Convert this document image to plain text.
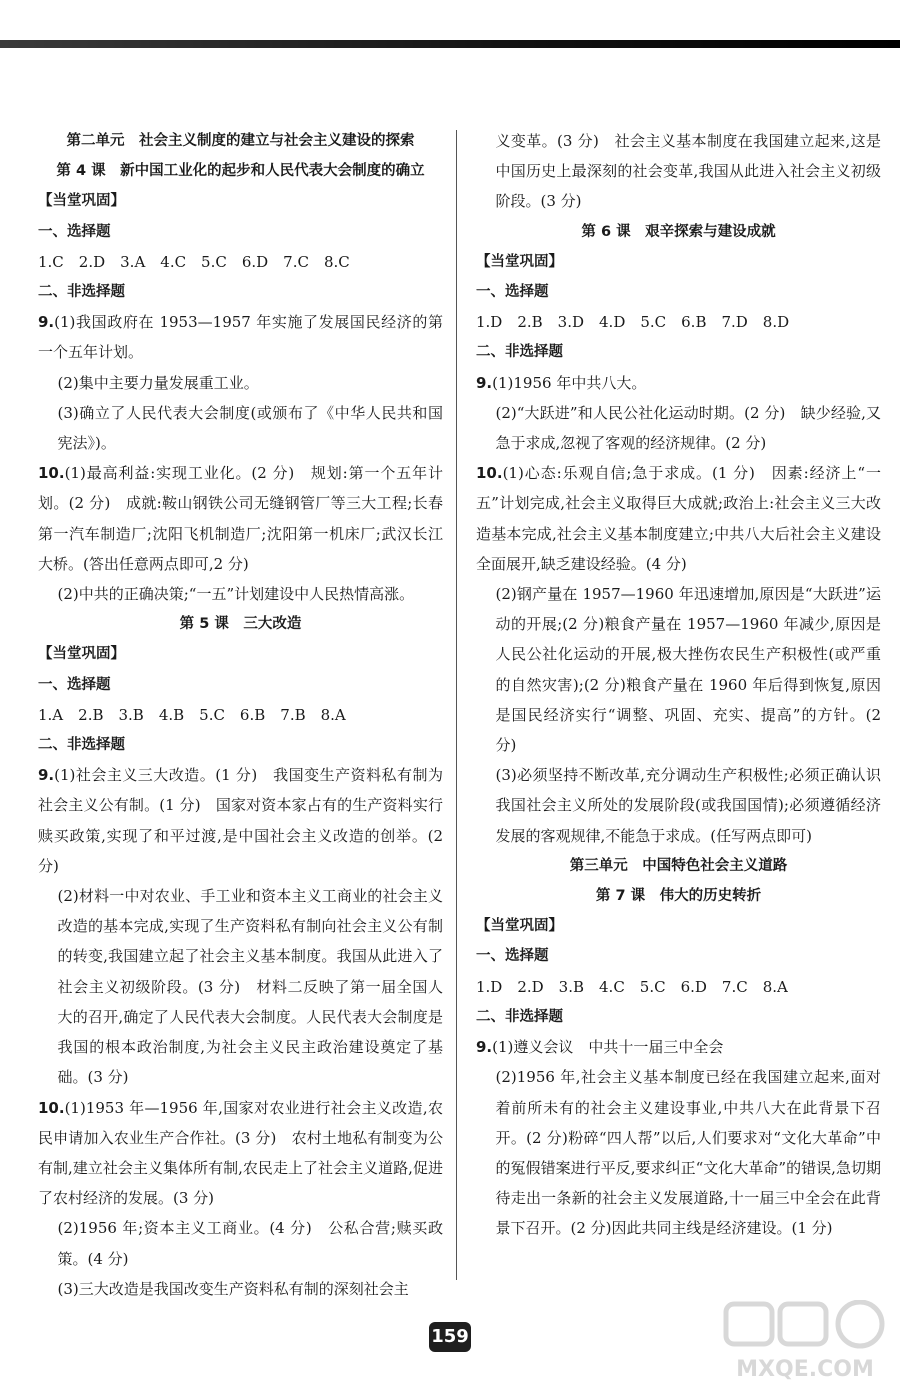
第二单元　社会主义制度的建立与社会主义建设的探索

第 4 课　新中国工业化的起步和人民代表大会制度的确立

【当堂巩固】

一、选择题

1.C　2.D　3.A　4.C　5.C　6.D　7.C　8.C

二、非选择题

9.(1)我国政府在 1953—1957 年实施了发展国民经济的第一个五年计划。

(2)集中主要力量发展重工业。

(3)确立了人民代表大会制度(或颁布了《中华人民共和国宪法》)。

10.(1)最高利益:实现工业化。(2 分)　规划:第一个五年计划。(2 分)　成就:鞍山钢铁公司无缝钢管厂等三大工程;长春第一汽车制造厂;沈阳飞机制造厂;沈阳第一机床厂;武汉长江大桥。(答出任意两点即可,2 分)

(2)中共的正确决策;“一五”计划建设中人民热情高涨。

第 5 课　三大改造

【当堂巩固】

一、选择题

1.A　2.B　3.B　4.B　5.C　6.B　7.B　8.A

二、非选择题

9.(1)社会主义三大改造。(1 分)　我国变生产资料私有制为社会主义公有制。(1 分)　国家对资本家占有的生产资料实行赎买政策,实现了和平过渡,是中国社会主义改造的创举。(2 分)

(2)材料一中对农业、手工业和资本主义工商业的社会主义改造的基本完成,实现了生产资料私有制向社会主义公有制的转变,我国建立起了社会主义基本制度。我国从此进入了社会主义初级阶段。(3 分)　材料二反映了第一届全国人大的召开,确定了人民代表大会制度。人民代表大会制度是我国的根本政治制度,为社会主义民主政治建设奠定了基础。(3 分)

10.(1)1953 年—1956 年,国家对农业进行社会主义改造,农民申请加入农业生产合作社。(3 分)　农村土地私有制变为公有制,建立社会主义集体所有制,农民走上了社会主义道路,促进了农村经济的发展。(3 分)

(2)1956 年;资本主义工商业。(4 分)　公私合营;赎买政策。(4 分)

(3)三大改造是我国改变生产资料私有制的深刻社会主

义变革。(3 分)　社会主义基本制度在我国建立起来,这是中国历史上最深刻的社会变革,我国从此进入社会主义初级阶段。(3 分)

第 6 课　艰辛探索与建设成就

【当堂巩固】

一、选择题

1.D　2.B　3.D　4.D　5.C　6.B　7.D　8.D

二、非选择题

9.(1)1956 年中共八大。

(2)“大跃进”和人民公社化运动时期。(2 分)　缺少经验,又急于求成,忽视了客观的经济规律。(2 分)

10.(1)心态:乐观自信;急于求成。(1 分)　因素:经济上“一五”计划完成,社会主义取得巨大成就;政治上:社会主义三大改造基本完成,社会主义基本制度建立;中共八大后社会主义建设全面展开,缺乏建设经验。(4 分)

(2)钢产量在 1957—1960 年迅速增加,原因是“大跃进”运动的开展;(2 分)粮食产量在 1957—1960 年减少,原因是人民公社化运动的开展,极大挫伤农民生产积极性(或严重的自然灾害);(2 分)粮食产量在 1960 年后得到恢复,原因是国民经济实行“调整、巩固、充实、提高”的方针。(2 分)

(3)必须坚持不断改革,充分调动生产积极性;必须正确认识我国社会主义所处的发展阶段(或我国国情);必须遵循经济发展的客观规律,不能急于求成。(任写两点即可)

第三单元　中国特色社会主义道路

第 7 课　伟大的历史转折

【当堂巩固】

一、选择题

1.D　2.D　3.B　4.C　5.C　6.D　7.C　8.A

二、非选择题

9.(1)遵义会议　中共十一届三中全会

(2)1956 年,社会主义基本制度已经在我国建立起来,面对着前所未有的社会主义建设事业,中共八大在此背景下召开。(2 分)粉碎“四人帮”以后,人们要求对“文化大革命”中的冤假错案进行平反,要求纠正“文化大革命”的错误,急切期待走出一条新的社会主义发展道路,十一届三中全会在此背景下召开。(2 分)因此共同主线是经济建设。(1 分)

159
MXQE.COM
